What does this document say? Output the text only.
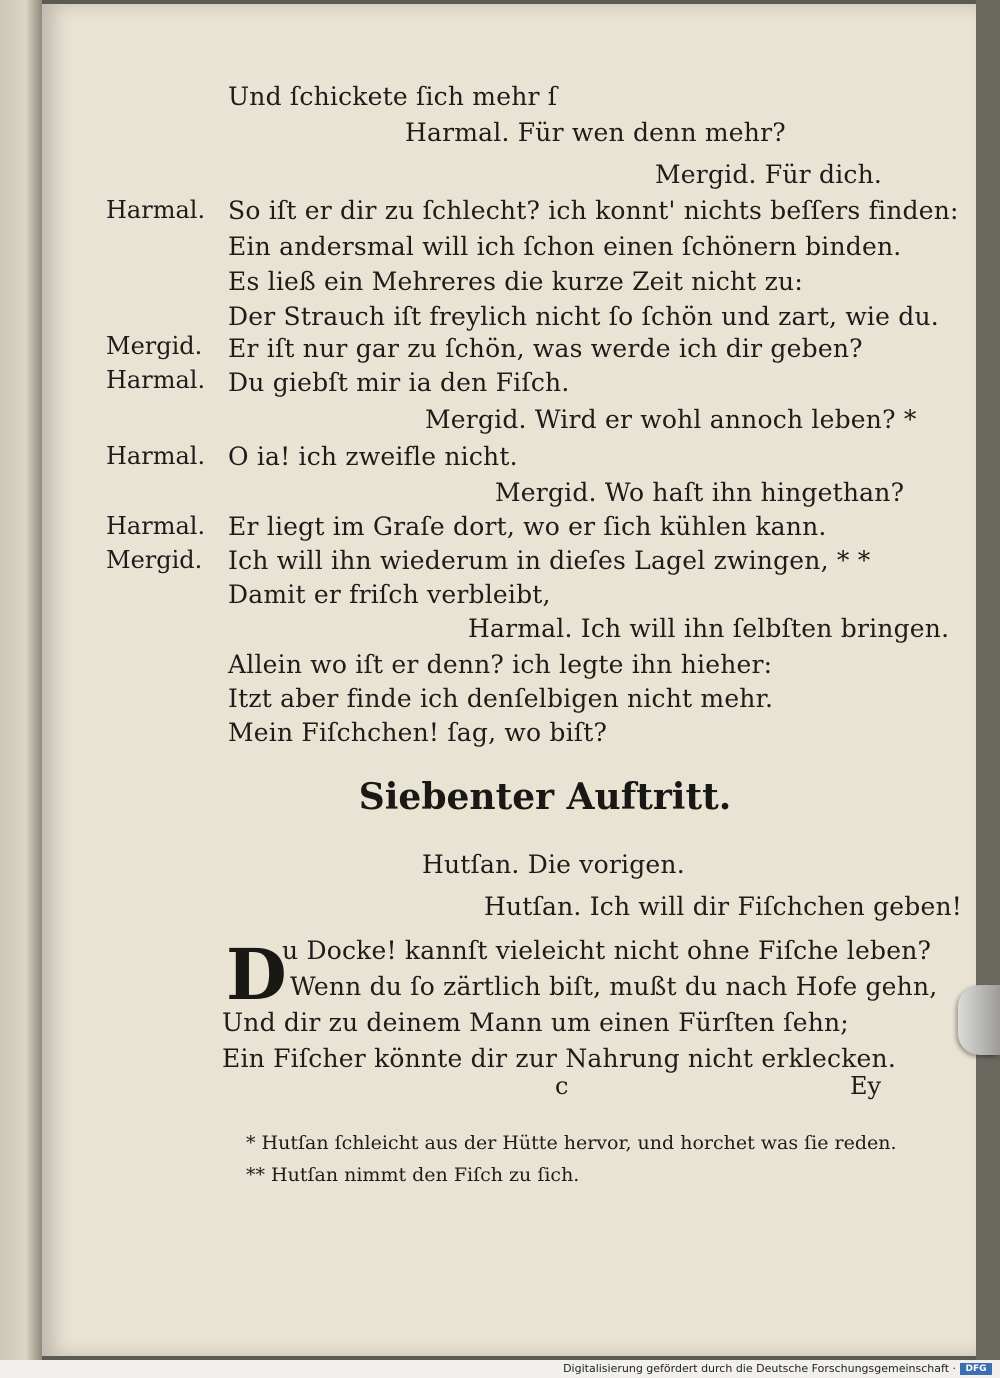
Und ſchickete ſich mehr ſ
Harmal. Für wen denn mehr?
Mergid. Für dich.
Harmal. So iſt er dir zu ſchlecht? ich konnt' nichts beſſers finden:
Ein andersmal will ich ſchon einen ſchönern binden.
Es ließ ein Mehreres die kurze Zeit nicht zu:
Der Strauch iſt freylich nicht ſo ſchön und zart, wie du.
Mergid. Er iſt nur gar zu ſchön, was werde ich dir geben?
Harmal. Du giebſt mir ia den Fiſch.
Mergid. Wird er wohl annoch leben? *
Harmal. O ia! ich zweifle nicht.
Mergid. Wo haſt ihn hingethan?
Harmal. Er liegt im Graſe dort, wo er ſich kühlen kann.
Mergid. Ich will ihn wiederum in dieſes Lagel zwingen, * *
Damit er friſch verbleibt,
Harmal. Ich will ihn ſelbſten bringen.
Allein wo iſt er denn? ich legte ihn hieher:
Itzt aber finde ich denſelbigen nicht mehr.
Mein Fiſchchen! ſag, wo biſt?
Siebenter Auftritt.
Hutſan. Die vorigen.
Hutſan. Ich will dir Fiſchchen geben!
D
u Docke! kannſt vieleicht nicht ohne Fiſche leben?
Wenn du ſo zärtlich biſt, mußt du nach Hofe gehn,
Und dir zu deinem Mann um einen Fürſten ſehn;
Ein Fiſcher könnte dir zur Nahrung nicht erklecken.
c	Ey
* Hutſan ſchleicht aus der Hütte hervor, und horchet was ſie reden.
** Hutſan nimmt den Fiſch zu ſich.
Digitalisierung gefördert durch die Deutsche Forschungsgemeinschaft ·	DFG
